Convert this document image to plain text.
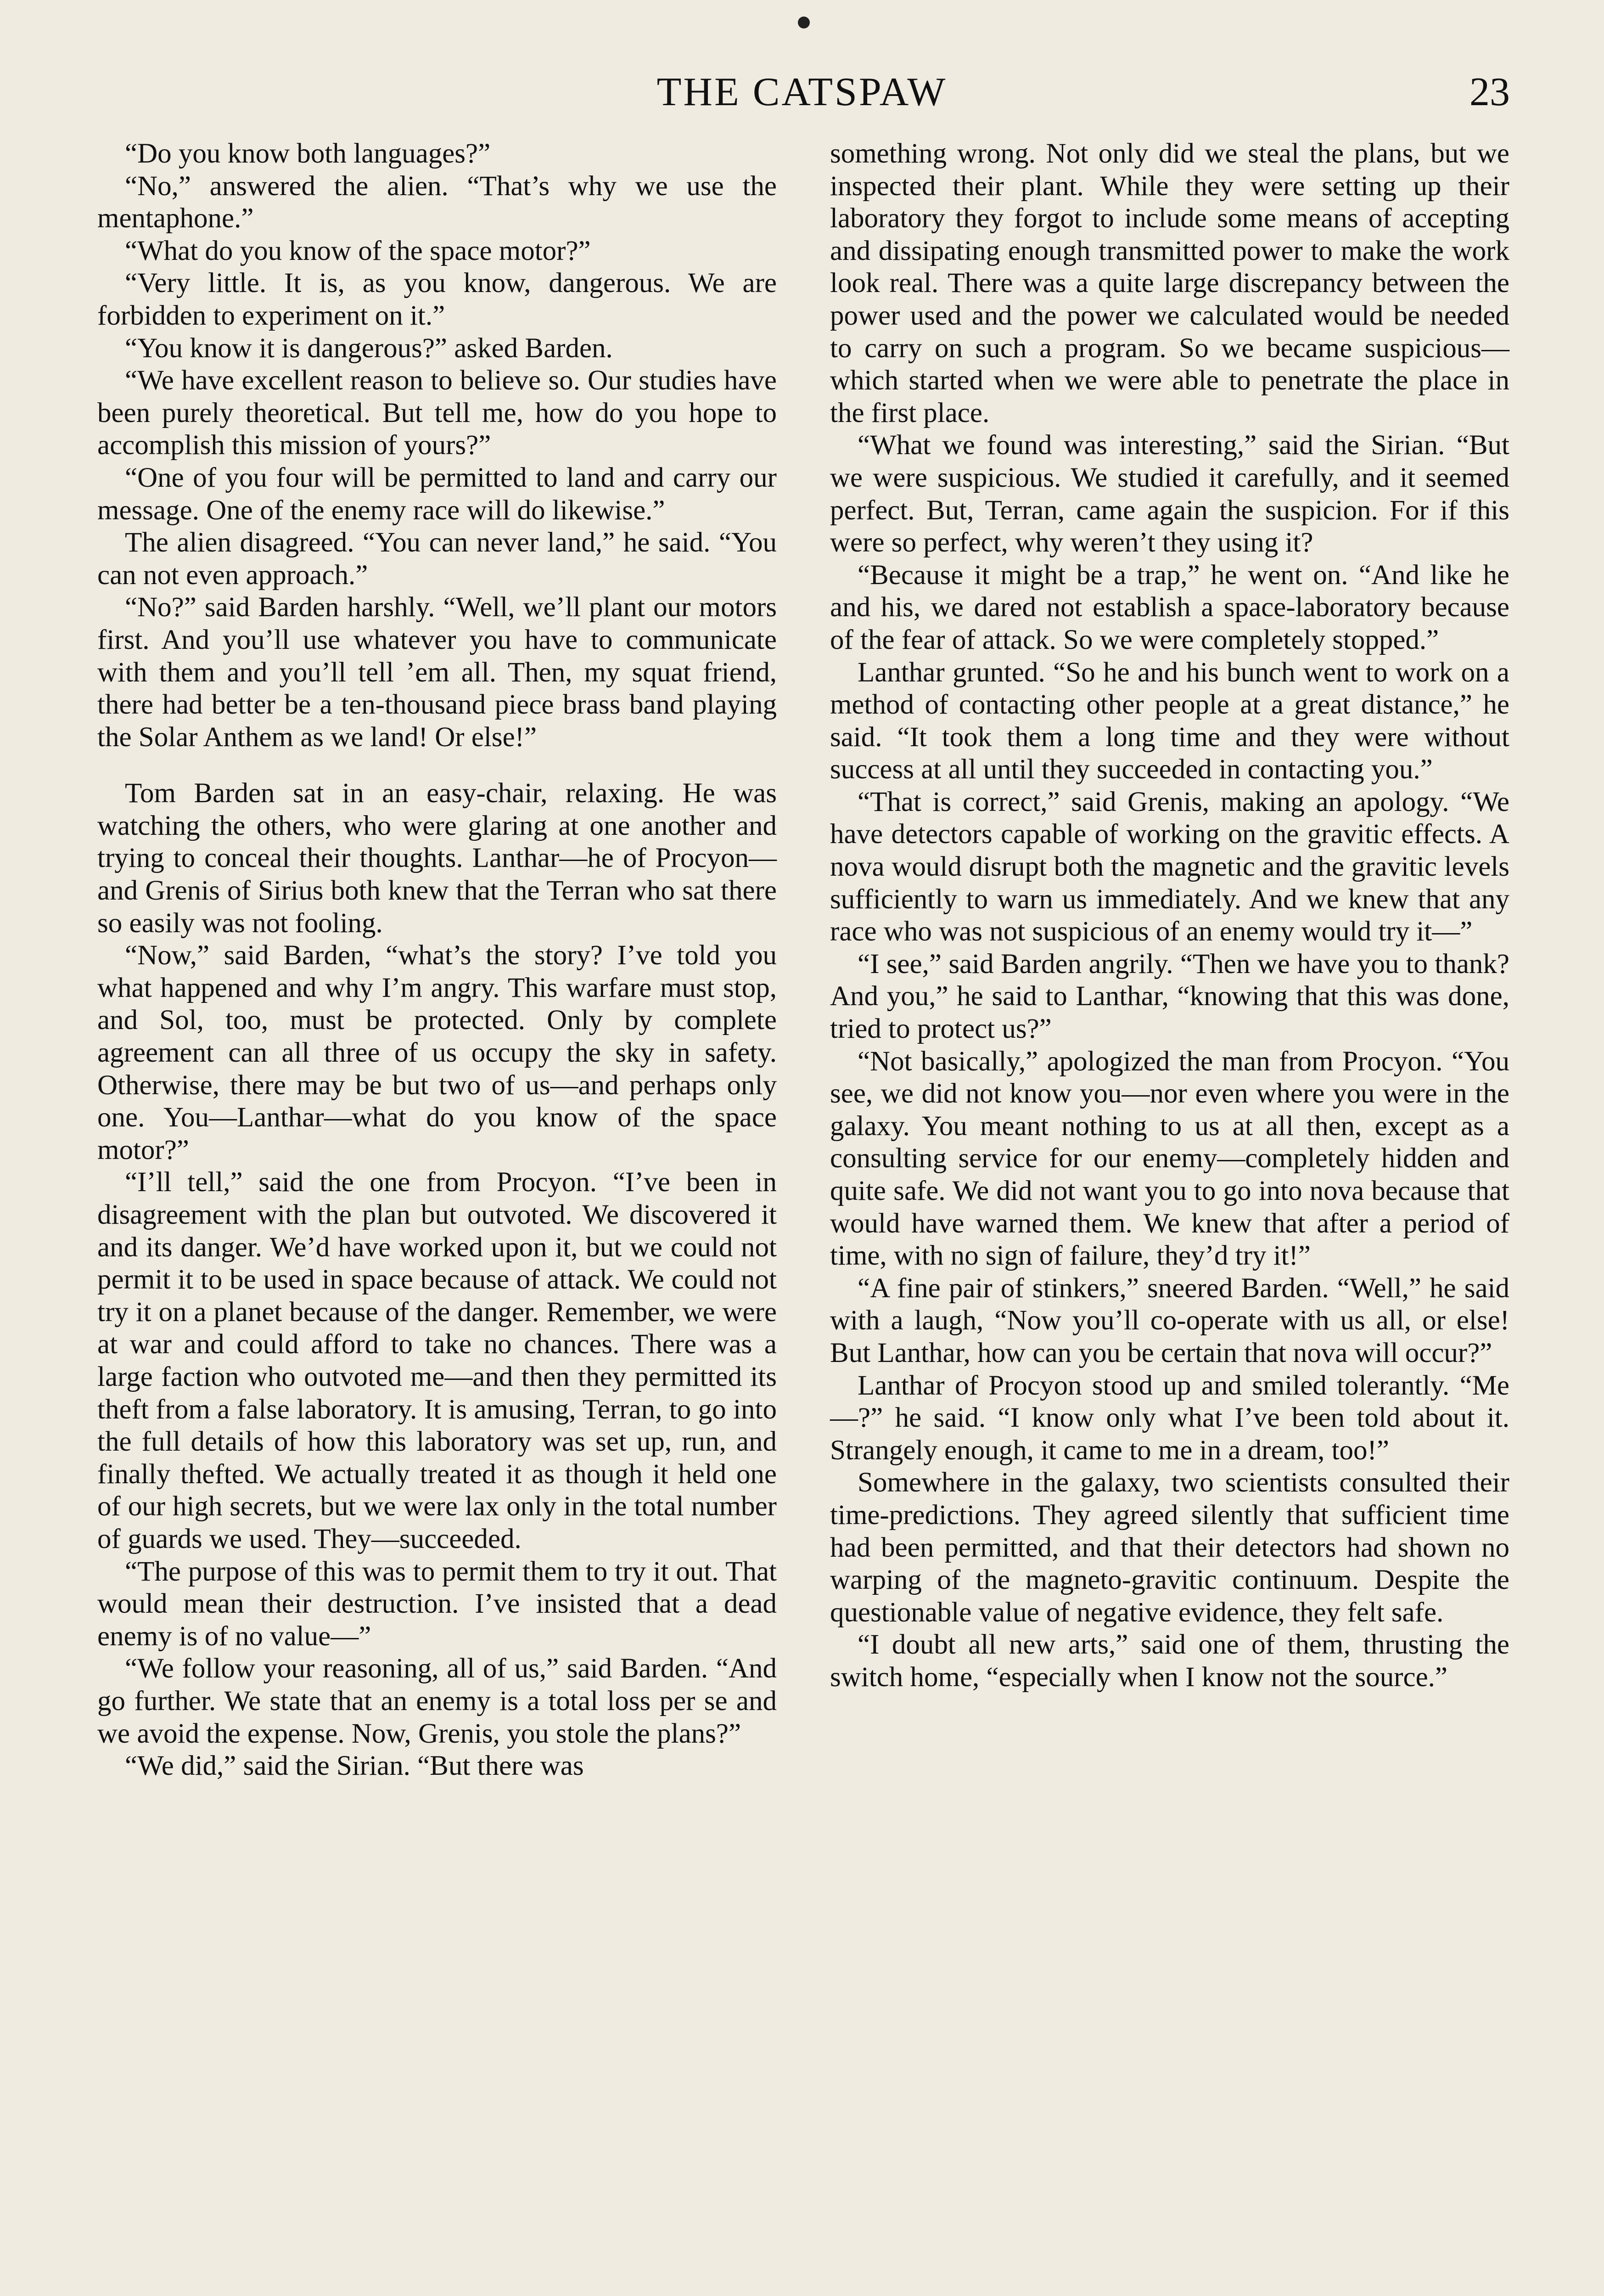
THE CATSPAW	23

“Do you know both languages?”

“No,” answered the alien. “That’s why we use the mentaphone.”

“What do you know of the space motor?”

“Very little. It is, as you know, dangerous. We are forbidden to experiment on it.”

“You know it is dangerous?” asked Barden.

“We have excellent reason to believe so. Our studies have been purely theoretical. But tell me, how do you hope to accomplish this mission of yours?”

“One of you four will be permitted to land and carry our message. One of the enemy race will do likewise.”

The alien disagreed. “You can never land,” he said. “You can not even approach.”

“No?” said Barden harshly. “Well, we’ll plant our motors first. And you’ll use whatever you have to communicate with them and you’ll tell ’em all. Then, my squat friend, there had better be a ten-thousand piece brass band playing the Solar Anthem as we land! Or else!”

Tom Barden sat in an easy-chair, relaxing. He was watching the others, who were glaring at one another and trying to conceal their thoughts. Lanthar—he of Procyon—and Grenis of Sirius both knew that the Terran who sat there so easily was not fooling.

“Now,” said Barden, “what’s the story? I’ve told you what happened and why I’m angry. This warfare must stop, and Sol, too, must be protected. Only by complete agreement can all three of us occupy the sky in safety. Otherwise, there may be but two of us—and perhaps only one. You—Lanthar—what do you know of the space motor?”

“I’ll tell,” said the one from Procyon. “I’ve been in disagreement with the plan but outvoted. We discovered it and its danger. We’d have worked upon it, but we could not permit it to be used in space because of attack. We could not try it on a planet because of the danger. Remember, we were at war and could afford to take no chances. There was a large faction who outvoted me—and then they permitted its theft from a false laboratory. It is amusing, Terran, to go into the full details of how this laboratory was set up, run, and finally thefted. We actually treated it as though it held one of our high secrets, but we were lax only in the total number of guards we used. They—succeeded.

“The purpose of this was to permit them to try it out. That would mean their destruction. I’ve insisted that a dead enemy is of no value—”

“We follow your reasoning, all of us,” said Barden. “And go further. We state that an enemy is a total loss per se and we avoid the expense. Now, Grenis, you stole the plans?”

“We did,” said the Sirian. “But there was

something wrong. Not only did we steal the plans, but we inspected their plant. While they were setting up their laboratory they forgot to include some means of accepting and dissipating enough transmitted power to make the work look real. There was a quite large discrepancy between the power used and the power we calculated would be needed to carry on such a program. So we became suspicious—which started when we were able to penetrate the place in the first place.

“What we found was interesting,” said the Sirian. “But we were suspicious. We studied it carefully, and it seemed perfect. But, Terran, came again the suspicion. For if this were so perfect, why weren’t they using it?

“Because it might be a trap,” he went on. “And like he and his, we dared not establish a space-laboratory because of the fear of attack. So we were completely stopped.”

Lanthar grunted. “So he and his bunch went to work on a method of contacting other people at a great distance,” he said. “It took them a long time and they were without success at all until they succeeded in contacting you.”

“That is correct,” said Grenis, making an apology. “We have detectors capable of working on the gravitic effects. A nova would disrupt both the magnetic and the gravitic levels sufficiently to warn us immediately. And we knew that any race who was not suspicious of an enemy would try it—”

“I see,” said Barden angrily. “Then we have you to thank? And you,” he said to Lanthar, “knowing that this was done, tried to protect us?”

“Not basically,” apologized the man from Procyon. “You see, we did not know you—nor even where you were in the galaxy. You meant nothing to us at all then, except as a consulting service for our enemy—completely hidden and quite safe. We did not want you to go into nova because that would have warned them. We knew that after a period of time, with no sign of failure, they’d try it!”

“A fine pair of stinkers,” sneered Barden. “Well,” he said with a laugh, “Now you’ll co-operate with us all, or else! But Lanthar, how can you be certain that nova will occur?”

Lanthar of Procyon stood up and smiled tolerantly. “Me—?” he said. “I know only what I’ve been told about it. Strangely enough, it came to me in a dream, too!”

Somewhere in the galaxy, two scientists consulted their time-predictions. They agreed silently that sufficient time had been permitted, and that their detectors had shown no warping of the magneto-gravitic continuum. Despite the questionable value of negative evidence, they felt safe.

“I doubt all new arts,” said one of them, thrusting the switch home, “especially when I know not the source.”
